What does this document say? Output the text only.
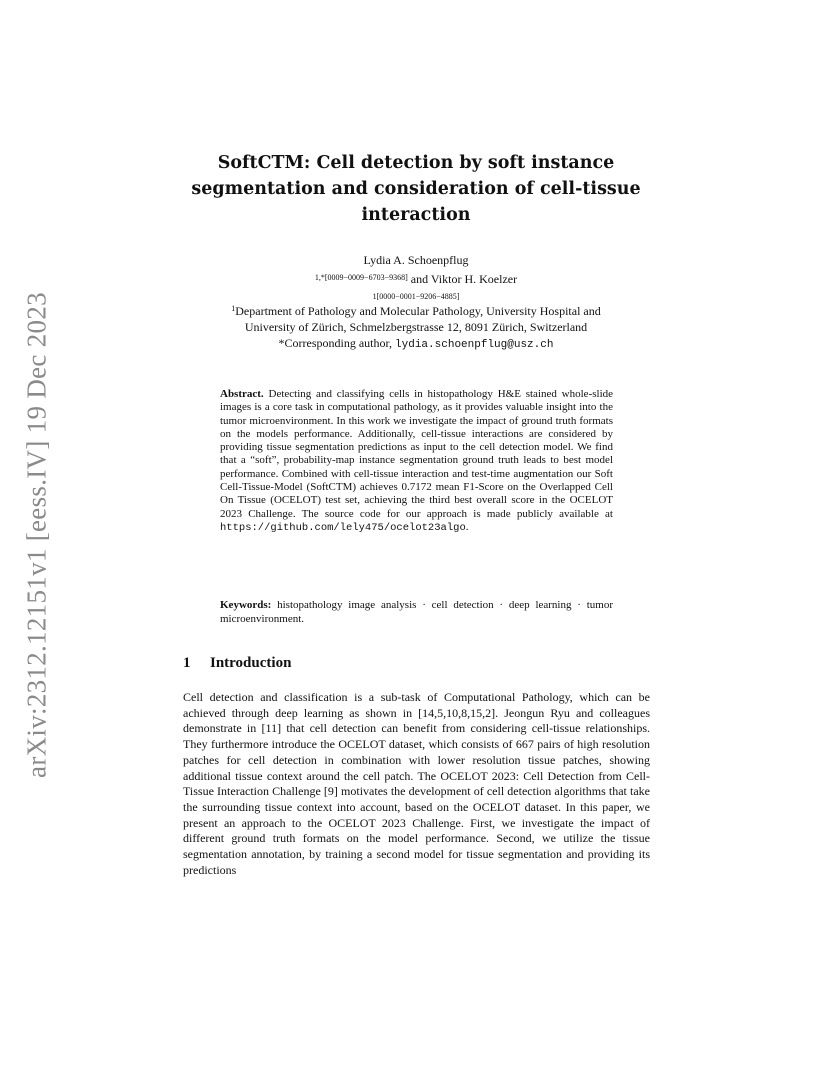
arXiv:2312.12151v1 [eess.IV] 19 Dec 2023
SoftCTM: Cell detection by soft instance segmentation and consideration of cell-tissue interaction
Lydia A. Schoenpflug
$^{1,*[0009-0009-6703-9368]}$ and Viktor H. Koelzer
1[0000−0001−9206−4885]
$^1$Department of Pathology and Molecular Pathology, University Hospital and
University of Zürich, Schmelzbergstrasse 12, 8091 Zürich, Switzerland
*Corresponding author, lydia.schoenpflug@usz.ch
Abstract. Detecting and classifying cells in histopathology H&E stained whole-slide images is a core task in computational pathology, as it provides valuable insight into the tumor microenvironment. In this work we investigate the impact of ground truth formats on the models performance. Additionally, cell-tissue interactions are considered by providing tissue segmentation predictions as input to the cell detection model. We find that a “soft”, probability-map instance segmentation ground truth leads to best model performance. Combined with cell-tissue interaction and test-time augmentation our Soft Cell-Tissue-Model (SoftCTM) achieves 0.7172 mean F1-Score on the Overlapped Cell On Tissue (OCELOT) test set, achieving the third best overall score in the OCELOT 2023 Challenge. The source code for our approach is made publicly available at https://github.com/lely475/ocelot23algo.
Keywords: histopathology image analysis · cell detection · deep learning · tumor microenvironment.
1 Introduction
Cell detection and classification is a sub-task of Computational Pathology, which can be achieved through deep learning as shown in [14,5,10,8,15,2]. Jeongun Ryu and colleagues demonstrate in [11] that cell detection can benefit from considering cell-tissue relationships. They furthermore introduce the OCELOT dataset, which consists of 667 pairs of high resolution patches for cell detection in combination with lower resolution tissue patches, showing additional tissue context around the cell patch. The OCELOT 2023: Cell Detection from Cell-Tissue Interaction Challenge [9] motivates the development of cell detection algorithms that take the surrounding tissue context into account, based on the OCELOT dataset. In this paper, we present an approach to the OCELOT 2023 Challenge. First, we investigate the impact of different ground truth formats on the model performance. Second, we utilize the tissue segmentation annotation, by training a second model for tissue segmentation and providing its predictions
